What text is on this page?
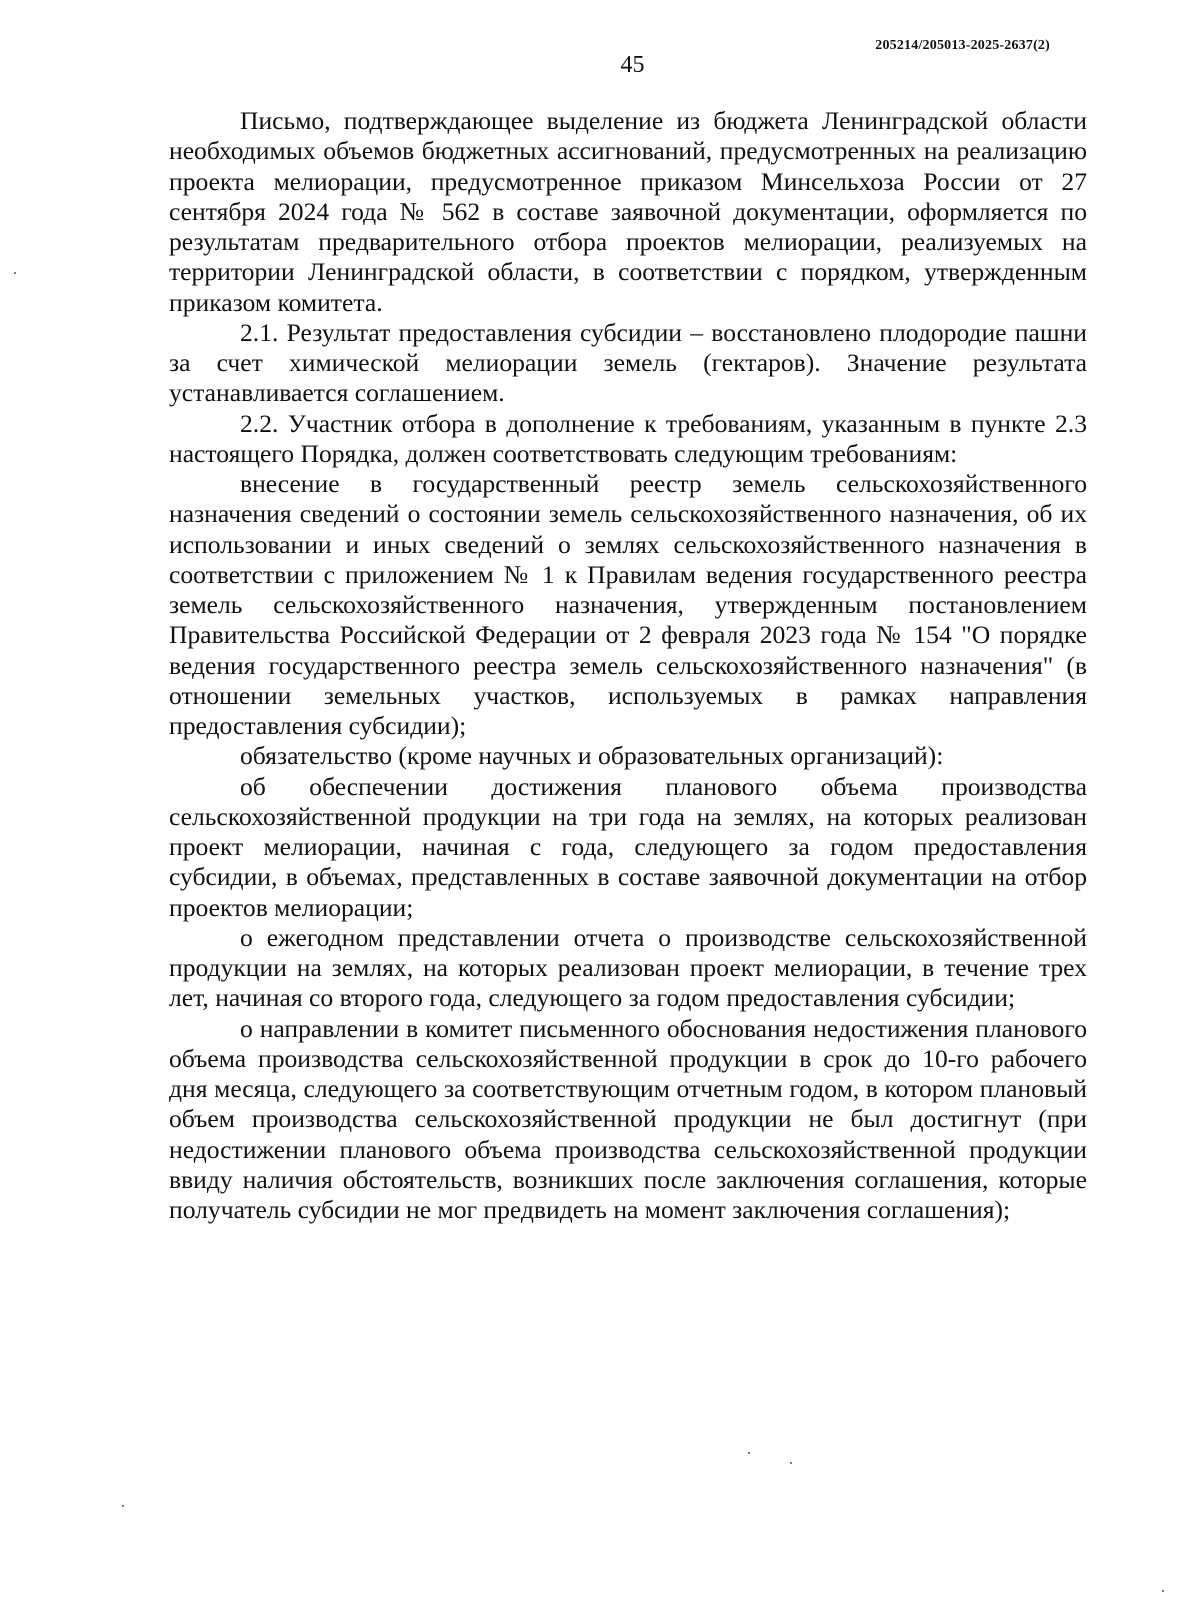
205214/205013-2025-2637(2)
45

Письмо, подтверждающее выделение из бюджета Ленинградской области необходимых объемов бюджетных ассигнований, предусмотренных на реализацию проекта мелиорации, предусмотренное приказом Минсельхоза России от 27 сентября 2024 года № 562 в составе заявочной документации, оформляется по результатам предварительного отбора проектов мелиорации, реализуемых на территории Ленинградской области, в соответствии с порядком, утвержденным приказом комитета.

2.1. Результат предоставления субсидии – восстановлено плодородие пашни за счет химической мелиорации земель (гектаров). Значение результата устанавливается соглашением.

2.2. Участник отбора в дополнение к требованиям, указанным в пункте 2.3 настоящего Порядка, должен соответствовать следующим требованиям:

внесение в государственный реестр земель сельскохозяйственного назначения сведений о состоянии земель сельскохозяйственного назначения, об их использовании и иных сведений о землях сельскохозяйственного назначения в соответствии с приложением № 1 к Правилам ведения государственного реестра земель сельскохозяйственного назначения, утвержденным постановлением Правительства Российской Федерации от 2 февраля 2023 года № 154 "О порядке ведения государственного реестра земель сельскохозяйственного назначения" (в отношении земельных участков, используемых в рамках направления предоставления субсидии);

обязательство (кроме научных и образовательных организаций):

об обеспечении достижения планового объема производства сельскохозяйственной продукции на три года на землях, на которых реализован проект мелиорации, начиная с года, следующего за годом предоставления субсидии, в объемах, представленных в составе заявочной документации на отбор проектов мелиорации;

о ежегодном представлении отчета о производстве сельскохозяйственной продукции на землях, на которых реализован проект мелиорации, в течение трех лет, начиная со второго года, следующего за годом предоставления субсидии;

о направлении в комитет письменного обоснования недостижения планового объема производства сельскохозяйственной продукции в срок до 10-го рабочего дня месяца, следующего за соответствующим отчетным годом, в котором плановый объем производства сельскохозяйственной продукции не был достигнут (при недостижении планового объема производства сельскохозяйственной продукции ввиду наличия обстоятельств, возникших после заключения соглашения, которые получатель субсидии не мог предвидеть на момент заключения соглашения);
